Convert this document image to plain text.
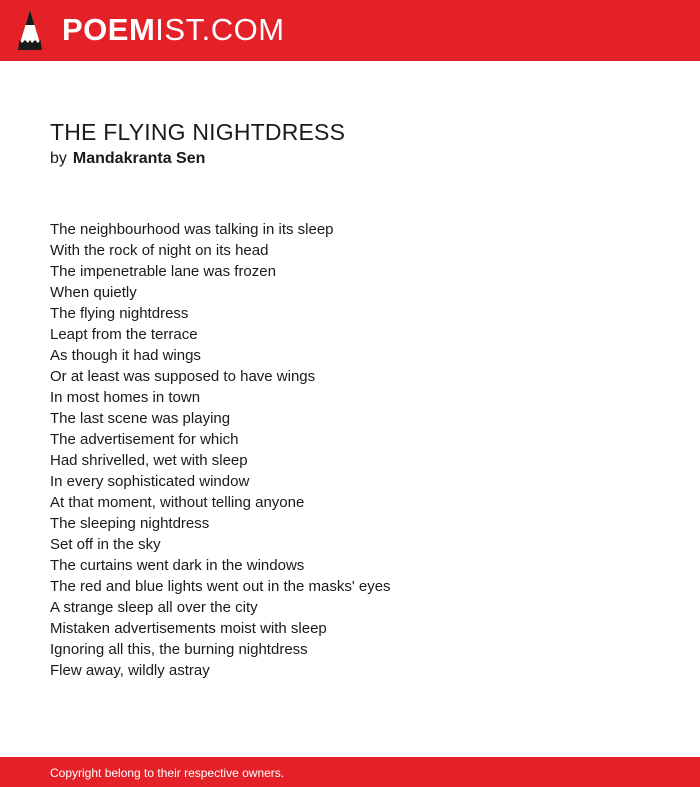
POEMIST.COM
THE FLYING NIGHTDRESS
by Mandakranta Sen
The neighbourhood was talking in its sleep
With the rock of night on its head
The impenetrable lane was frozen
When quietly
The flying nightdress
Leapt from the terrace
As though it had wings
Or at least was supposed to have wings
In most homes in town
The last scene was playing
The advertisement for which
Had shrivelled, wet with sleep
In every sophisticated window
At that moment, without telling anyone
The sleeping nightdress
Set off in the sky
The curtains went dark in the windows
The red and blue lights went out in the masks' eyes
A strange sleep all over the city
Mistaken advertisements moist with sleep
Ignoring all this, the burning nightdress
Flew away, wildly astray
Copyright belong to their respective owners.
